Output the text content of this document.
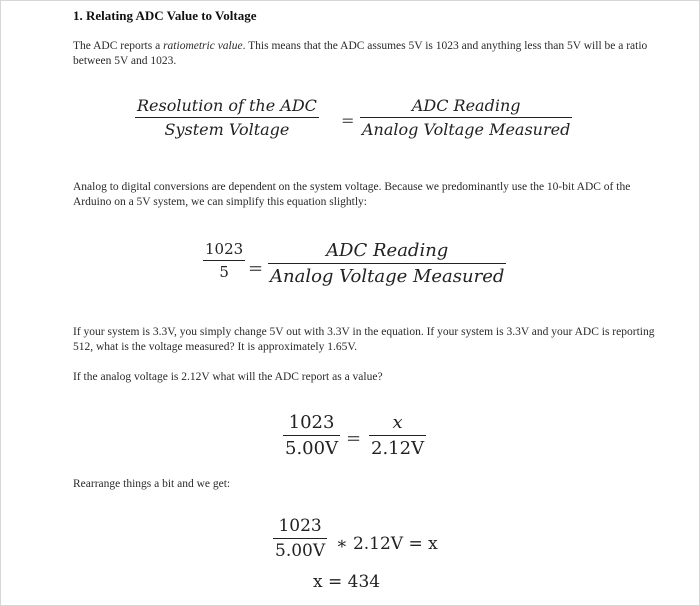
1. Relating ADC Value to Voltage
The ADC reports a ratiometric value. This means that the ADC assumes 5V is 1023 and anything less than 5V will be a ratio between 5V and 1023.
Resolution of the ADC
System Voltage	=
ADC Reading
Analog Voltage Measured
Analog to digital conversions are dependent on the system voltage. Because we predominantly use the 10-bit ADC of the Arduino on a 5V system, we can simplify this equation slightly:
1023
5 =
ADC Reading
Analog Voltage Measured
If your system is 3.3V, you simply change 5V out with 3.3V in the equation. If your system is 3.3V and your ADC is reporting 512, what is the voltage measured? It is approximately 1.65V.
If the analog voltage is 2.12V what will the ADC report as a value?
1023
5.00V =
x
2.12V
Rearrange things a bit and we get:
1023
5.00V ∗ 2.12V = x
x = 434
